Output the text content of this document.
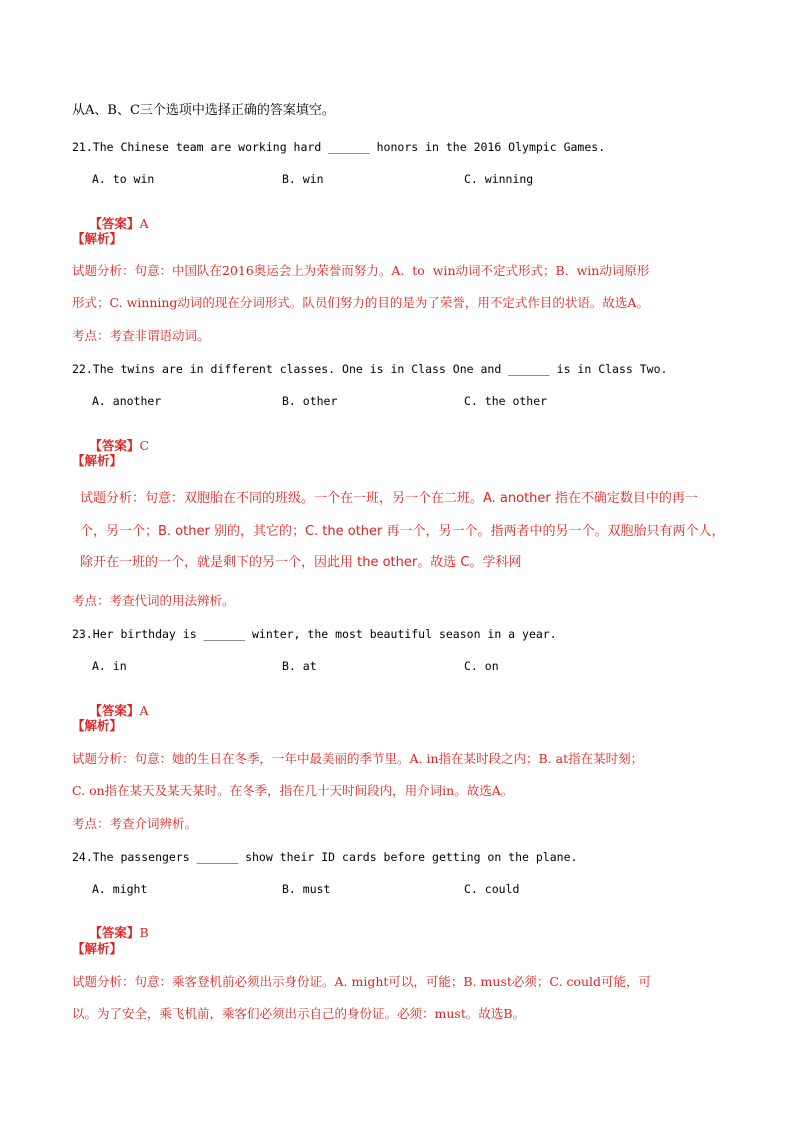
从A、B、C三个选项中选择正确的答案填空。
21.The Chinese team are working hard ______ honors in the 2016 Olympic Games.
A. to win	B. win	C. winning

【答案】A

【解析】
试题分析：句意：中国队在2016奥运会上为荣誉而努力。A.  to  win动词不定式形式；B.  win动词原形
形式；C. winning动词的现在分词形式。队员们努力的目的是为了荣誉，用不定式作目的状语。故选A。
考点：考查非谓语动词。
22.The twins are in different classes. One is in Class One and ______ is in Class Two.
A. another	B. other	C. the other

【答案】C

【解析】
试题分析：句意：双胞胎在不同的班级。一个在一班，另一个在二班。A. another 指在不确定数目中的再一
个，另一个；B. other 别的，其它的；C. the other 再一个，另一个。指两者中的另一个。双胞胎只有两个人，
除开在一班的一个，就是剩下的另一个，因此用 the other。故选 C。学科网
考点：考查代词的用法辨析。
23.Her birthday is ______ winter, the most beautiful season in a year.
A. in	B. at	C. on

【答案】A

【解析】
试题分析：句意：她的生日在冬季，一年中最美丽的季节里。A. in指在某时段之内；B. at指在某时刻；
C. on指在某天及某天某时。在冬季，指在几十天时间段内，用介词in。故选A。
考点：考查介词辨析。
24.The passengers ______ show their ID cards before getting on the plane.
A. might	B. must	C. could

【答案】B

【解析】
试题分析：句意：乘客登机前必须出示身份证。A. might可以，可能；B. must必须；C. could可能，可
以。为了安全，乘飞机前，乘客们必须出示自己的身份证。必须：must。故选B。
